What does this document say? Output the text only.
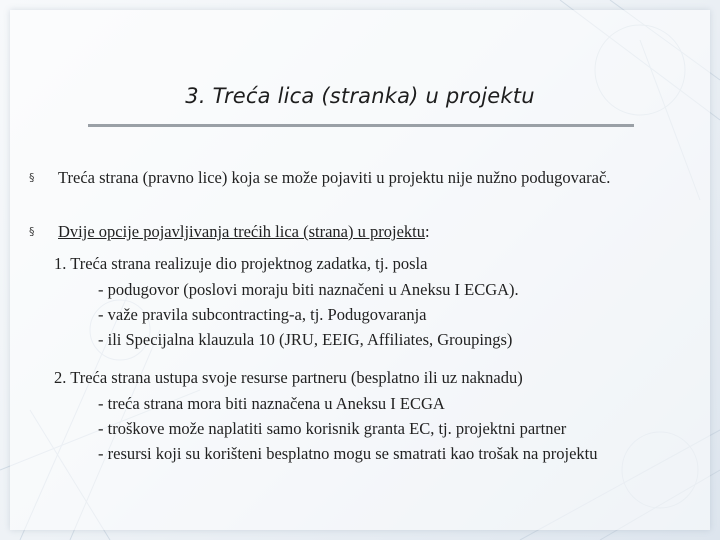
3. Treća lica (stranka) u projektu
§ Treća strana (pravno lice) koja se može pojaviti u projektu nije nužno podugovarač.
§ Dvije opcije pojavljivanja trećih lica (strana) u projektu:
1. Treća strana realizuje dio projektnog zadatka, tj. posla
- podugovor (poslovi moraju biti naznačeni u Aneksu I ECGA).
- važe pravila subcontracting-a, tj. Podugovaranja
- ili Specijalna klauzula 10 (JRU, EEIG, Affiliates, Groupings)
2. Treća strana ustupa svoje resurse partneru (besplatno ili uz naknadu)
- treća strana mora biti naznačena u Aneksu I ECGA
- troškove može naplatiti samo korisnik granta EC, tj. projektni partner
- resursi koji su korišteni besplatno mogu se smatrati kao trošak na projektu
